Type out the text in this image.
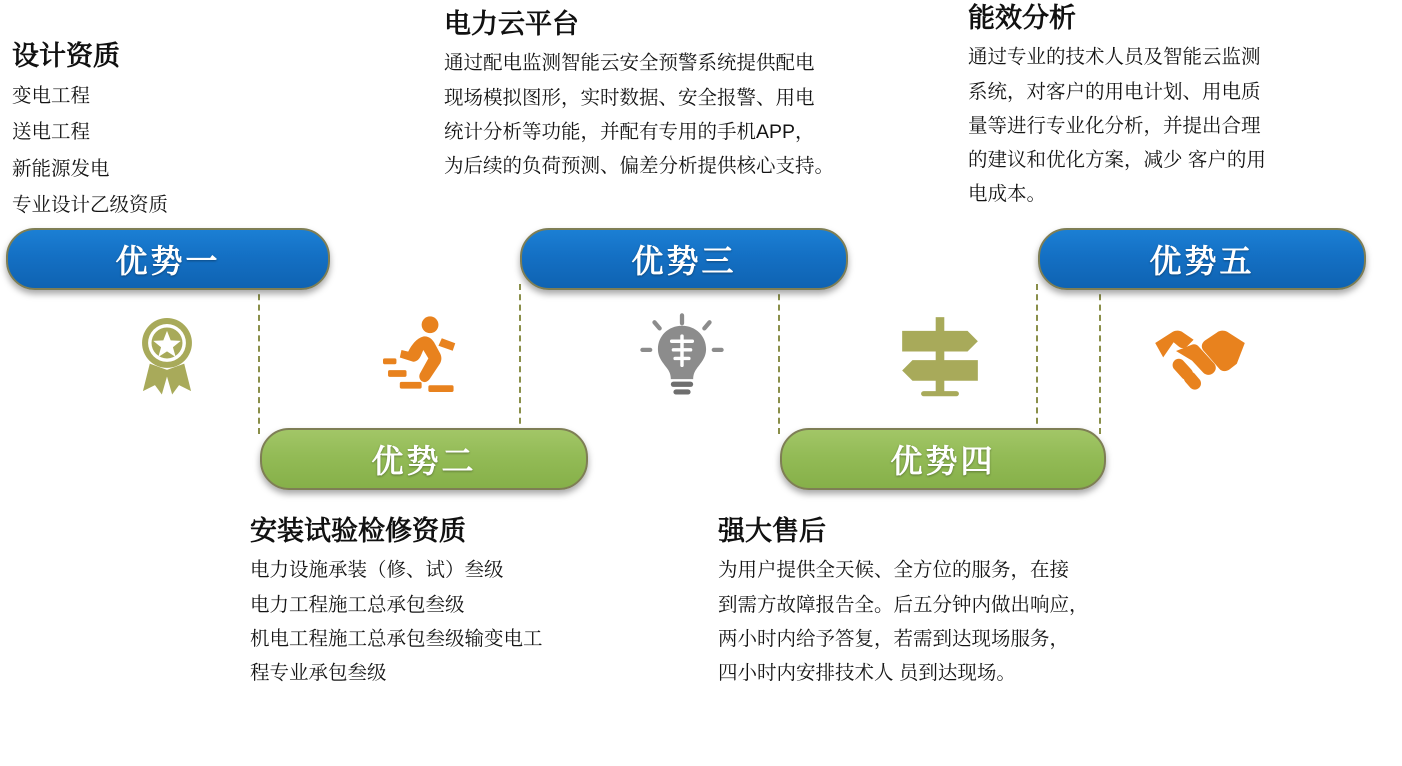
设计资质
变电工程
送电工程
新能源发电
专业设计乙级资质
电力云平台
通过配电监测智能云安全预警系统提供配电
现场模拟图形，实时数据、安全报警、用电
统计分析等功能，并配有专用的手机APP，
为后续的负荷预测、偏差分析提供核心支持。
能效分析
通过专业的技术人员及智能云监测
系统，对客户的用电计划、用电质
量等进行专业化分析，并提出合理
的建议和优化方案，减少 客户的用
电成本。
安装试验检修资质
电力设施承装（修、试）叁级
电力工程施工总承包叁级
机电工程施工总承包叁级输变电工
程专业承包叁级
强大售后
为用户提供全天候、全方位的服务，在接
到需方故障报告全。后五分钟内做出响应，
两小时内给予答复，若需到达现场服务，
四小时内安排技术人 员到达现场。
优势一
优势二
优势三
优势四
优势五
